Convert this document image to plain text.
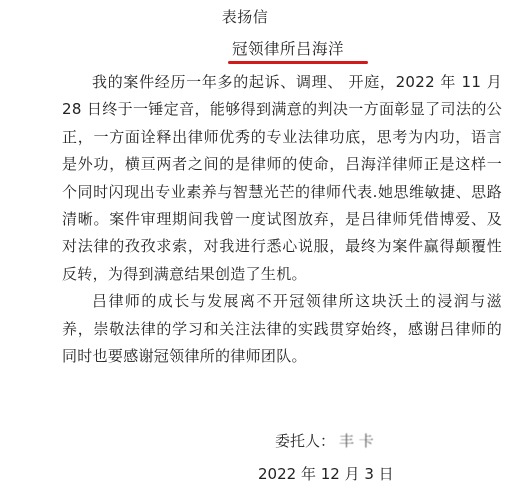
表扬信
冠领律所吕海洋

我的案件经历一年多的起诉、调理、 开庭，2022 年 11 月 28 日终于一锤定音，能够得到满意的判决一方面彰显了司法的公正，一方面诠释出律师优秀的专业法律功底，思考为内功，语言是外功，横亘两者之间的是律师的使命，吕海洋律师正是这样一个同时闪现出专业素养与智慧光芒的律师代表.她思维敏捷、思路清晰。案件审理期间我曾一度试图放弃，是吕律师凭借博爱、及对法律的孜孜求索，对我进行悉心说服，最终为案件赢得颠覆性反转，为得到满意结果创造了生机。

吕律师的成长与发展离不开冠领律所这块沃土的浸润与滋养，崇敬法律的学习和关注法律的实践贯穿始终，感谢吕律师的同时也要感谢冠领律所的律师团队。

委托人： 丰 卡
2022 年 12 月 3 日
